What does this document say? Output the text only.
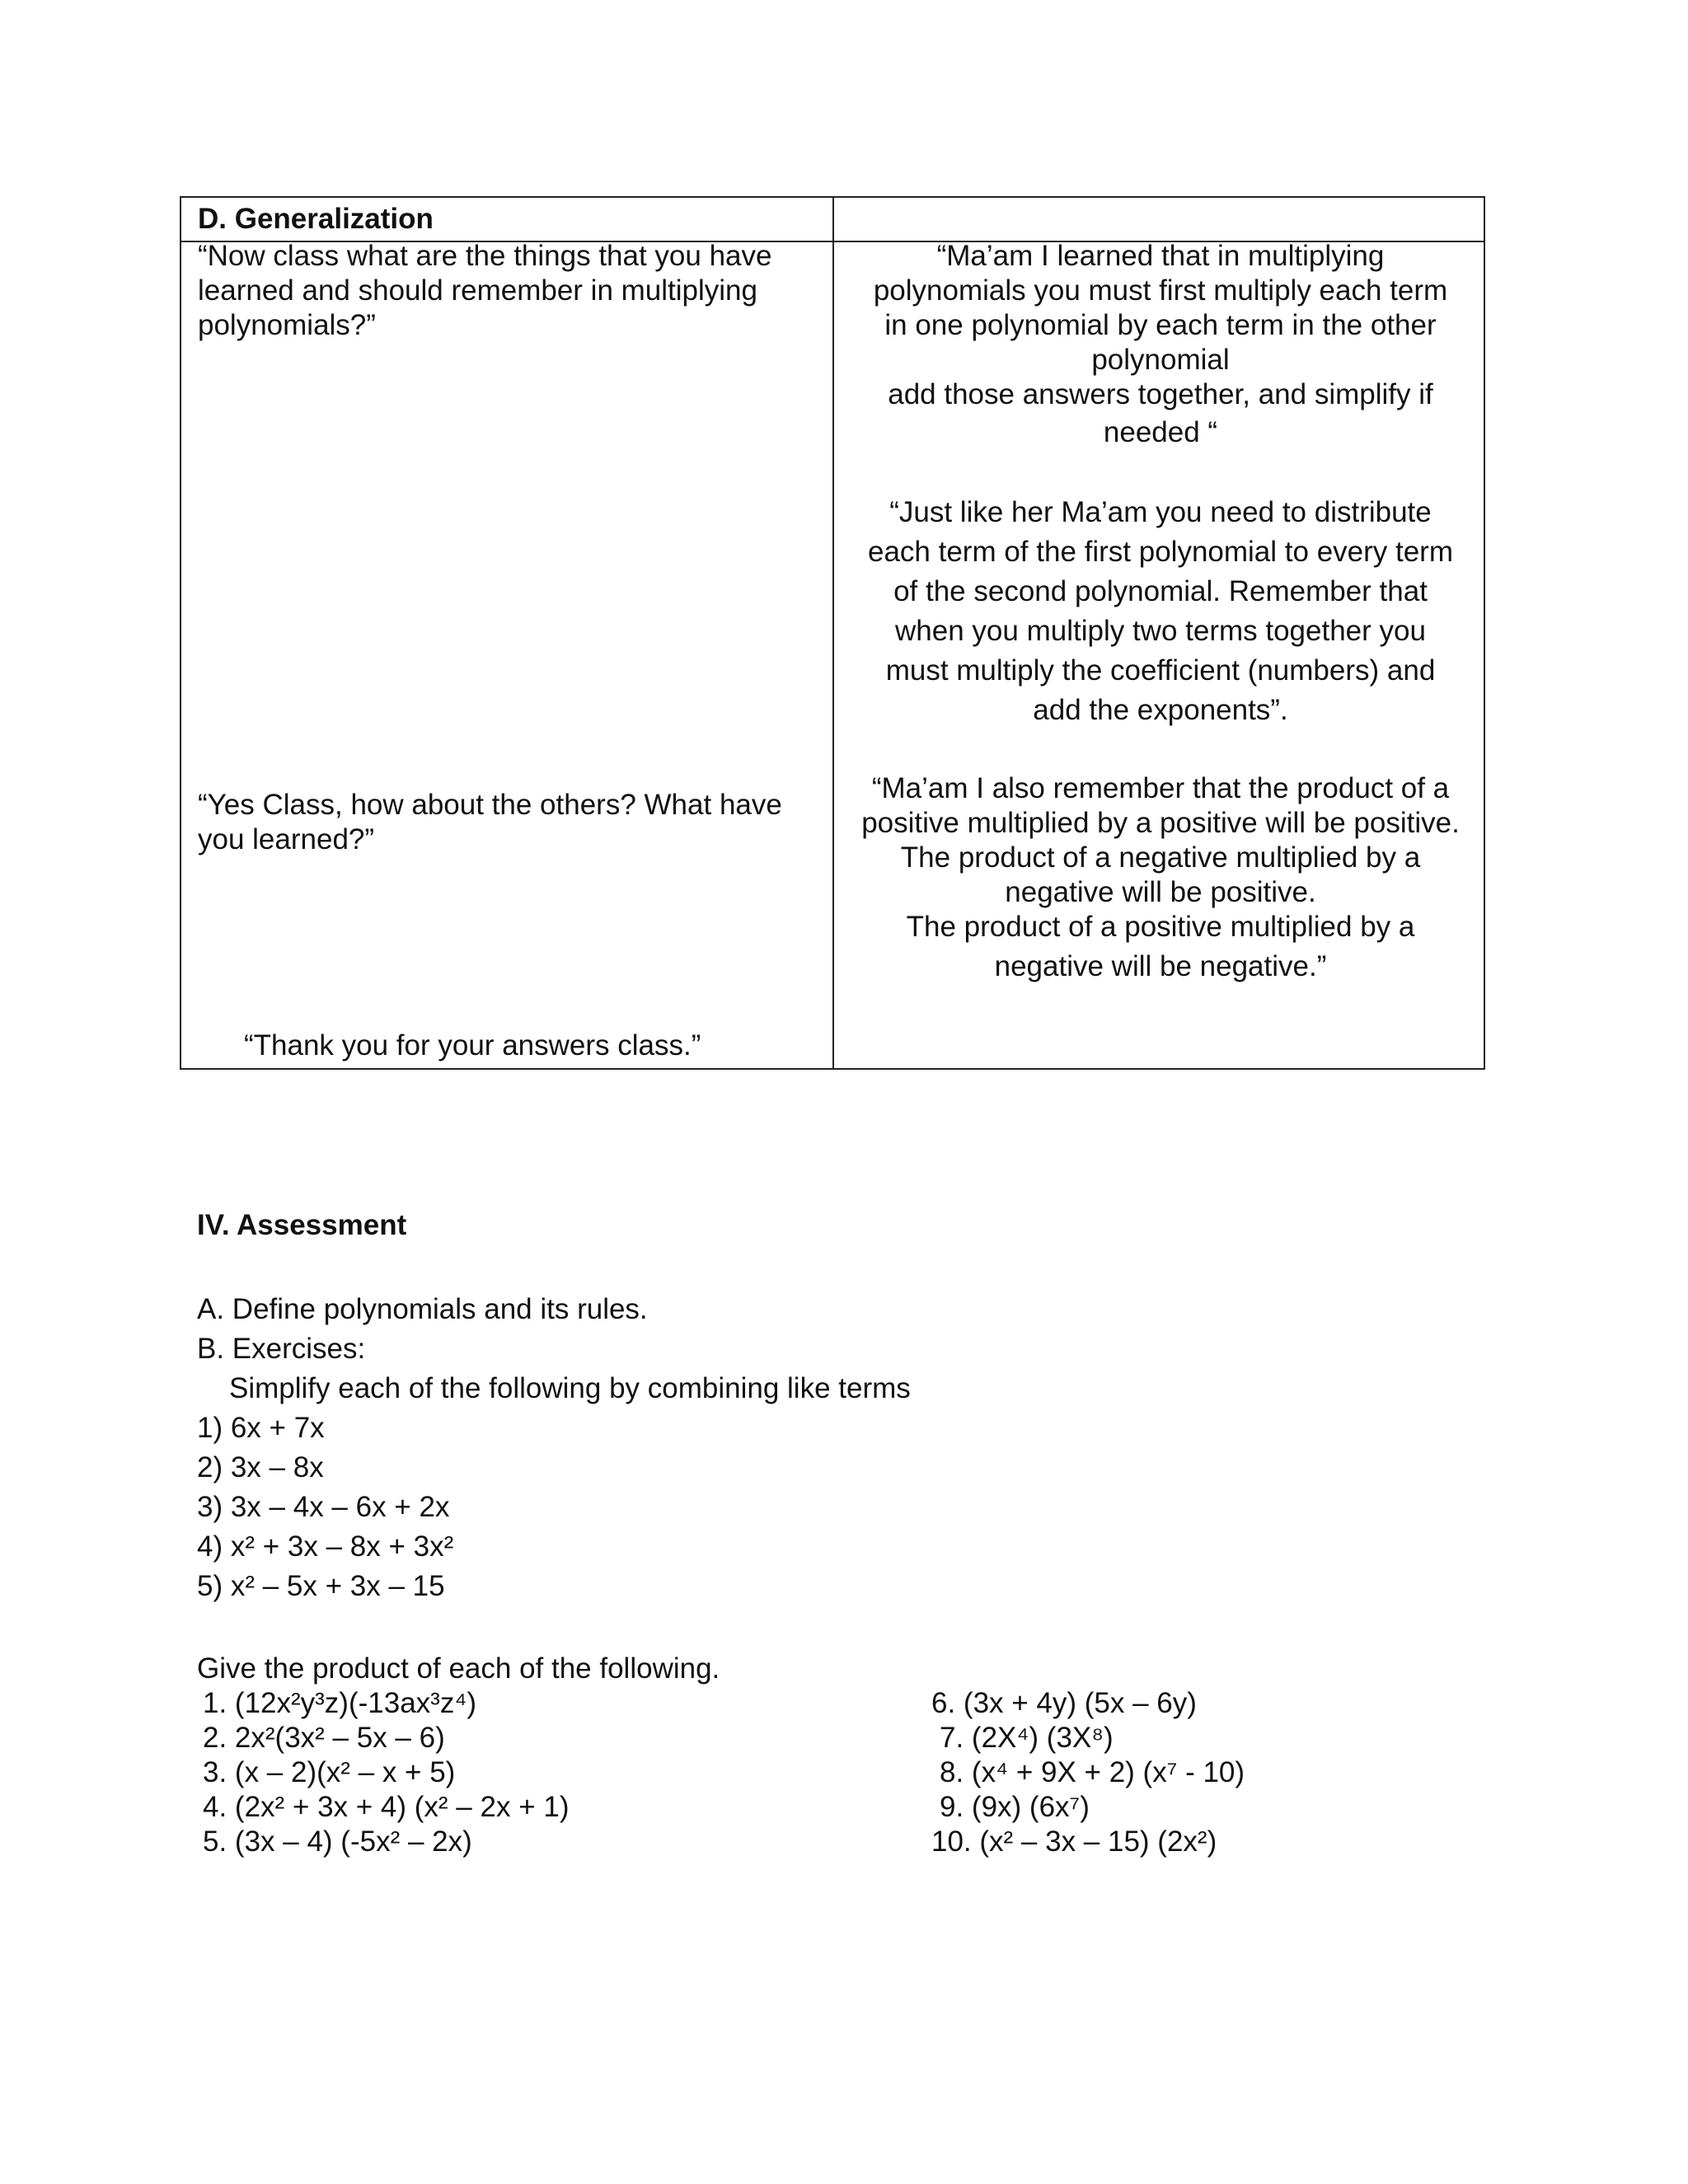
D. Generalization
“Now class what are the things that you have
learned and should remember in multiplying
polynomials?”
“Ma’am I learned that in multiplying
polynomials you must first multiply each term
in one polynomial by each term in the other
polynomial
add those answers together, and simplify if
needed “
“Just like her Ma’am you need to distribute
each term of the first polynomial to every term
of the second polynomial. Remember that
when you multiply two terms together you
must multiply the coefficient (numbers) and
add the exponents”.
“Yes Class, how about the others? What have
you learned?”
“Ma’am I also remember that the product of a
positive multiplied by a positive will be positive.
The product of a negative multiplied by a
negative will be positive.
The product of a positive multiplied by a
negative will be negative.”
“Thank you for your answers class.”
IV. Assessment
A. Define polynomials and its rules.
B. Exercises:
Simplify each of the following by combining like terms
1) 6x + 7x
2) 3x – 8x
3) 3x – 4x – 6x + 2x
4) x² + 3x – 8x + 3x²
5) x² – 5x + 3x – 15
Give the product of each of the following.
1. (12x²y³z)(-13ax³z⁴)
2. 2x²(3x² – 5x – 6)
3. (x – 2)(x² – x + 5)
4. (2x² + 3x + 4) (x² – 2x + 1)
5. (3x – 4) (-5x² – 2x)
6. (3x + 4y) (5x – 6y)
7. (2X⁴) (3X⁸)
8. (x⁴ + 9X + 2) (x⁷ - 10)
9. (9x) (6x⁷)
10. (x² – 3x – 15) (2x²)
